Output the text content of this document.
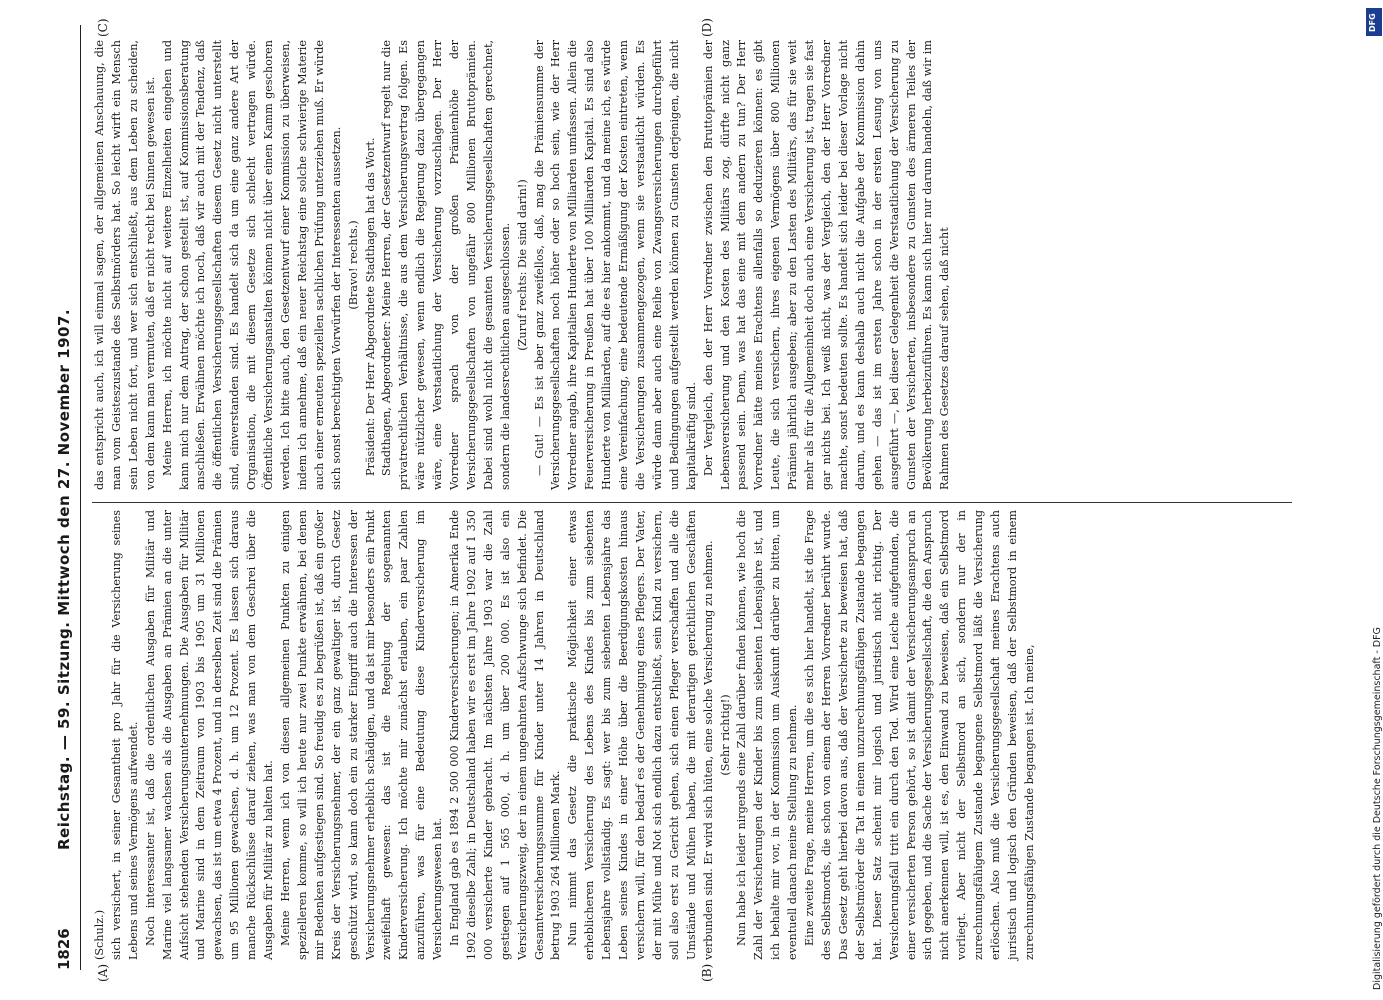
1826
Reichstag. — 59. Sitzung. Mittwoch den 27. November 1907.
(A)	(B)
(C)	(D)

(Schulz.) sich versichert, in seiner Gesamtheit pro Jahr für die Versicherung seines Lebens und seines Vermögens aufwendet. Noch interessanter ist, daß die ordentlichen Ausgaben für Militär und Marine viel langsamer wachsen als die Ausgaben an Prämien an die unter Aufsicht stehenden Versicherungsunternehmungen. Die Ausgaben für Militär und Marine sind in dem Zeitraum von 1903 bis 1905 um 31 Millionen gewachsen, das ist um etwa 4 Prozent, und in derselben Zeit sind die Prämien um 95 Millionen gewachsen, d. h. um 12 Prozent. Es lassen sich daraus manche Rückschlüsse darauf ziehen, was man von dem Geschrei über die Ausgaben für Militär zu halten hat. Meine Herren, wenn ich von diesen allgemeinen Punkten zu einigen spezielleren komme, so will ich heute nur zwei Punkte erwähnen, bei denen mir Bedenken aufgestiegen sind. So freudig es zu begrüßen ist, daß ein großer Kreis der Versicherungsnehmer, der ein ganz gewaltiger ist, durch Gesetz geschützt wird, so kann doch ein zu starker Eingriff auch die Interessen der Versicherungsnehmer erheblich schädigen, und da ist mir besonders ein Punkt zweifelhaft gewesen: das ist die Regelung der sogenannten Kinderversicherung. Ich möchte mir zunächst erlauben, ein paar Zahlen anzuführen, was für eine Bedeutung diese Kinderversicherung im Versicherungswesen hat. In England gab es 1894 2 500 000 Kinderversicherungen; in Amerika Ende 1902 dieselbe Zahl; in Deutschland haben wir es erst im Jahre 1902 auf 1 350 000 versicherte Kinder gebracht. Im nächsten Jahre 1903 war die Zahl gestiegen auf 1 565 000, d. h. um über 200 000. Es ist also ein Versicherungszweig, der in einem ungeahnten Aufschwunge sich befindet. Die Gesamtversicherungssumme für Kinder unter 14 Jahren in Deutschland betrug 1903 264 Millionen Mark. Nun nimmt das Gesetz die praktische Möglichkeit einer etwas erheblicheren Versicherung des Lebens des Kindes bis zum siebenten Lebensjahre vollständig. Es sagt: wer bis zum siebenten Lebensjahre das Leben seines Kindes in einer Höhe über die Beerdigungskosten hinaus versichern will, für den bedarf es der Genehmigung eines Pflegers. Der Vater, der mit Mühe und Not sich endlich dazu entschließt, sein Kind zu versichern, soll also erst zu Gericht gehen, sich einen Pfleger verschaffen und alle die Umstände und Mühen haben, die mit derartigen gerichtlichen Geschäften verbunden sind. Er wird sich hüten, eine solche Versicherung zu nehmen. (Sehr richtig!) Nun habe ich leider nirgends eine Zahl darüber finden können, wie hoch die Zahl der Versicherungen der Kinder bis zum siebenten Lebensjahre ist, und ich behalte mir vor, in der Kommission um Auskunft darüber zu bitten, um eventuell danach meine Stellung zu nehmen. Eine zweite Frage, meine Herren, um die es sich hier handelt, ist die Frage des Selbstmords, die schon von einem der Herren Vorredner berührt wurde. Das Gesetz geht hierbei davon aus, daß der Versicherte zu beweisen hat, daß der Selbstmörder die Tat in einem unzurechnungsfähigen Zustande begangen hat. Dieser Satz scheint mir logisch und juristisch nicht richtig. Der Versicherungsfall tritt ein durch den Tod. Wird eine Leiche aufgefunden, die einer versicherten Person gehört, so ist damit der Versicherungsanspruch an sich gegeben, und die Sache der Versicherungsgesellschaft, die den Anspruch nicht anerkennen will, ist es, den Einwand zu beweisen, daß ein Selbstmord vorliegt. Aber nicht der Selbstmord an sich, sondern nur der in zurechnungsfähigem Zustande begangene Selbstmord läßt die Versicherung erlöschen. Also muß die Versicherungsgesellschaft meines Erachtens auch juristisch und logisch den Gründen beweisen, daß der Selbstmord in einem zurechnungsfähigen Zustande begangen ist. Ich meine,

das entspricht auch, ich will einmal sagen, der allgemeinen Anschauung, die man vom Geisteszustande des Selbstmörders hat. So leicht wirft ein Mensch sein Leben nicht fort, und wer sich entschließt, aus dem Leben zu scheiden, von dem kann man vermuten, daß er nicht recht bei Sinnen gewesen ist. Meine Herren, ich möchte nicht auf weitere Einzelheiten eingehen und kann mich nur dem Antrag, der schon gestellt ist, auf Kommissionsberatung anschließen. Erwähnen möchte ich noch, daß wir auch mit der Tendenz, daß die öffentlichen Versicherungsgesellschaften diesem Gesetz nicht unterstellt sind, einverstanden sind. Es handelt sich da um eine ganz andere Art der Organisation, die mit diesem Gesetze sich schlecht vertragen würde. Öffentliche Versicherungsanstalten können nicht über einen Kamm geschoren werden. Ich bitte auch, den Gesetzentwurf einer Kommission zu überweisen, indem ich annehme, daß ein neuer Reichstag eine solche schwierige Materie auch einer erneuten speziellen sachlichen Prüfung unterziehen muß. Er würde sich sonst berechtigten Vorwürfen der Interessenten aussetzen. (Bravo! rechts.) Präsident: Der Herr Abgeordnete Stadthagen hat das Wort. Stadthagen, Abgeordneter: Meine Herren, der Gesetzentwurf regelt nur die privatrechtlichen Verhältnisse, die aus dem Versicherungsvertrag folgen. Es wäre nützlicher gewesen, wenn endlich die Regierung dazu übergegangen wäre, eine Verstaatlichung der Versicherung vorzuschlagen. Der Herr Vorredner sprach von der großen Prämienhöhe der Versicherungsgesellschaften von ungefähr 800 Millionen Bruttoprämien. Dabei sind wohl nicht die gesamten Versicherungsgesellschaften gerechnet, sondern die landesrechtlichen ausgeschlossen. (Zuruf rechts: Die sind darin!) — Gut! — Es ist aber ganz zweifellos, daß, mag die Prämiensumme der Versicherungsgesellschaften noch höher oder so hoch sein, wie der Herr Vorredner angab, ihre Kapitalien Hunderte von Milliarden umfassen. Allein die Feuerversicherung in Preußen hat über 100 Milliarden Kapital. Es sind also Hunderte von Milliarden, auf die es hier ankommt, und da meine ich, es würde eine Vereinfachung, eine bedeutende Ermäßigung der Kosten eintreten, wenn die Versicherungen zusammengezogen, wenn sie verstaatlicht würden. Es würde dann aber auch eine Reihe von Zwangsversicherungen durchgeführt und Bedingungen aufgestellt werden können zu Gunsten derjenigen, die nicht kapitalkräftig sind. Der Vergleich, den der Herr Vorredner zwischen den Bruttoprämien der Lebensversicherung und den Kosten des Militärs zog, dürfte nicht ganz passend sein. Denn, was hat das eine mit dem andern zu tun? Der Herr Vorredner hätte meines Erachtens allenfalls so deduzieren können: es gibt Leute, die sich versichern, ihres eigenen Vermögens über 800 Millionen Prämien jährlich ausgeben; aber zu den Lasten des Militärs, das für sie weit mehr als für die Allgemeinheit doch auch eine Versicherung ist, tragen sie fast gar nichts bei. Ich weiß nicht, was der Vergleich, den der Herr Vorredner machte, sonst bedeuten sollte. Es handelt sich leider bei dieser Vorlage nicht darum, und es kann deshalb auch nicht die Aufgabe der Kommission dahin gehen — das ist im ersten Jahre schon in der ersten Lesung von uns ausgeführt —, bei dieser Gelegenheit die Verstaatlichung der Versicherung zu Gunsten der Versicherten, insbesondere zu Gunsten des ärmeren Teiles der Bevölkerung herbeizuführen. Es kann sich hier nur darum handeln, daß wir im Rahmen des Gesetzes darauf sehen, daß nicht

DFG
Digitalisierung gefördert durch die Deutsche Forschungsgemeinschaft - DFG
